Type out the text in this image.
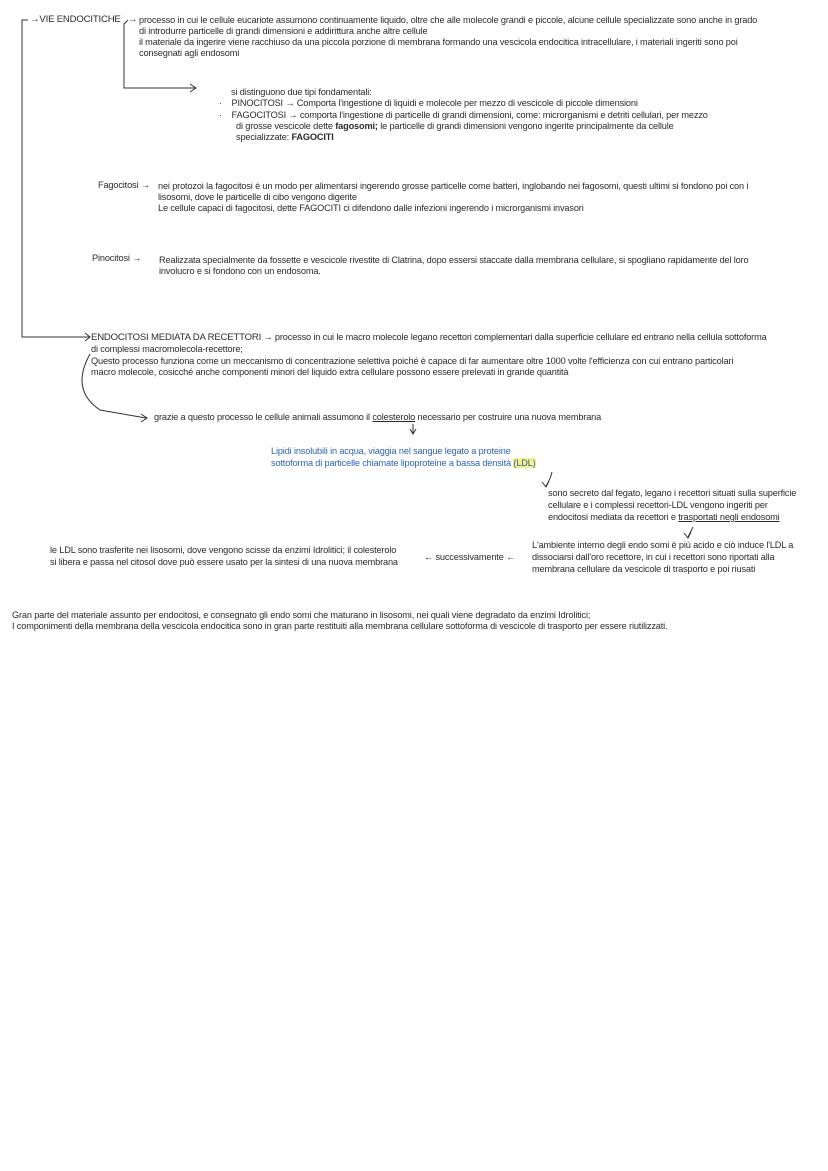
→VIE ENDOCITICHE → processo in cui le cellule eucariote assumono continuamente liquido, oltre che alle molecole grandi e piccole, alcune cellule specializzate sono anche in grado
di introdurre particelle di grandi dimensioni e addirittura anche altre cellule
il materiale da ingerire viene racchiuso da una piccola porzione di membrana formando una vescicola endocitica intracellulare, i materiali ingeriti sono poi
consegnati agli endosomi
si distinguono due tipi fondamentali:
·    PINOCITOSI → Comporta l'ingestione di liquidi e molecole per mezzo di vescicole di piccole dimensioni
·    FAGOCITOSI → comporta l'ingestione di particelle di grandi dimensioni, come: microrganismi e detriti cellulari, per mezzo
di grosse vescicole dette fagosomi; le particelle di grandi dimensioni vengono ingerite principalmente da cellule
specializzate: FAGOCITI
Fagocitosi → nei protozoi la fagocitosi è un modo per alimentarsi ingerendo grosse particelle come batteri, inglobando nei fagosomi, questi ultimi si fondono poi con i
lisosomi, dove le particelle di cibo vengono digerite
Le cellule capaci di fagocitosi, dette FAGOCITI ci difendono dalle infezioni ingerendo i microrganismi invasori
Pinocitosi → Realizzata specialmente da fossette e vescicole rivestite di Clatrina, dopo essersi staccate dalla membrana cellulare, si spogliano rapidamente del loro
involucro e si fondono con un endosoma.
ENDOCITOSI MEDIATA DA RECETTORI → processo in cui le macro molecole legano recettori complementari dalla superficie cellulare ed entrano nella cellula sottoforma
di complessi macromolecola-recettore;
Questo processo funziona come un meccanismo di concentrazione selettiva poiché è capace di far aumentare oltre 1000 volte l'efficienza con cui entrano particolari
macro molecole, cosicché anche componenti minori del liquido extra cellulare possono essere prelevati in grande quantità
grazie a questo processo le cellule animali assumono il colesterolo necessario per costruire una nuova membrana
Lipidi insolubili in acqua, viaggia nel sangue legato a proteine
sottoforma di particelle chiamate lipoproteine a bassa densità (LDL)
sono secreto dal fegato, legano i recettori situati sulla superficie
cellulare e i complessi recettori-LDL vengono ingeriti per
endocitosi mediata da recettori e trasportati negli endosomi
L'ambiente interno degli endo somi è più acido e ciò induce l'LDL a
dissociarsi dall'oro recettore, in cui i recettori sono riportati alla
membrana cellulare da vescicole di trasporto e poi riusati
← successivamente ←
le LDL sono trasferite nei lisosomi, dove vengono scisse da enzimi Idrolitici; il colesterolo
si libera e passa nel citosol dove può essere usato per la sintesi di una nuova membrana
Gran parte del materiale assunto per endocitosi, e consegnato gli endo somi che maturano in lisosomi, nei quali viene degradato da enzimi Idrolitici;
I componimenti della membrana della vescicola endocitica sono in gran parte restituiti alla membrana cellulare sottoforma di vescicole di trasporto per essere riutilizzati.
